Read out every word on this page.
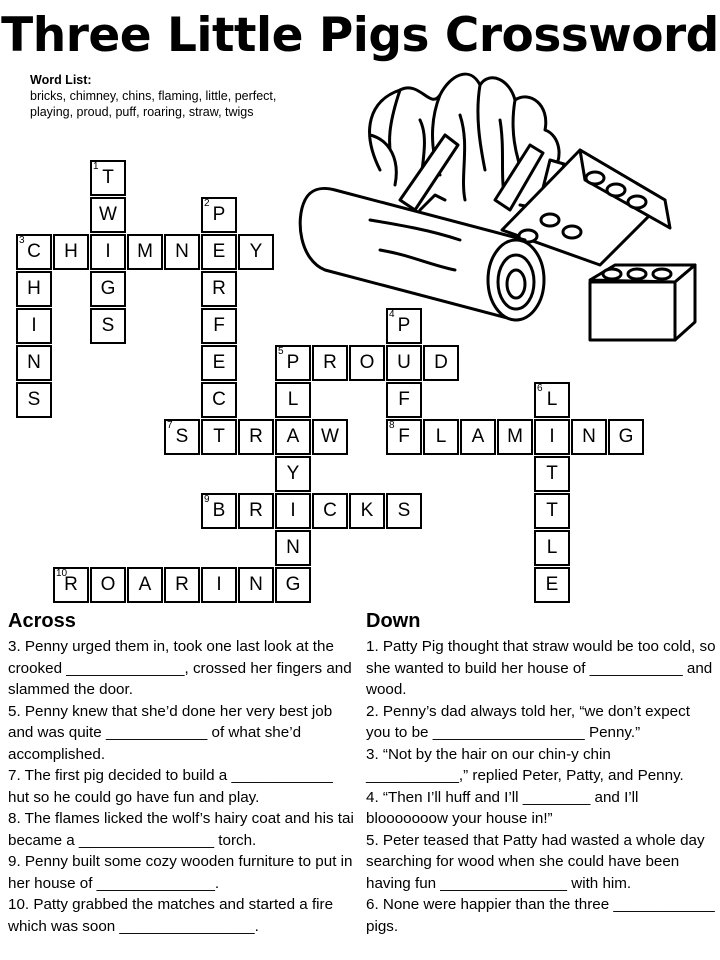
Three Little Pigs Crossword
Word List:
bricks, chimney, chins, flaming, little, perfect, playing, proud, puff, roaring, straw, twigs
1
T
W
2
P
3
C	H	I	M	N	E	Y
H	G	R
I	S	F
4
P
N	E
5
P	R	O	U	D
S	C	L	F
6
L
7
S	T	R	A	W
8
F	L	A	M	I	N	G
Y	T
9
B	R	I	C	K	S	T
N	L
10
R	O	A	R	I	N	G	E
Across

3. Penny urged them in, took one last look at the crooked ______________, crossed her fingers and slammed the door.

5. Penny knew that she’d done her very best job and was quite ____________ of what she’d accomplished.

7. The first pig decided to build a ____________ hut so he could go have fun and play.

8. The flames licked the wolf’s hairy coat and his tai became a ________________ torch.

9. Penny built some cozy wooden furniture to put in her house of ______________.

10. Patty grabbed the matches and started a fire which was soon ________________.

Down

1. Patty Pig thought that straw would be too cold, so she wanted to build her house of ___________ and wood.

2. Penny’s dad always told her, “we don’t expect you to be __________________ Penny.”

3. “Not by the hair on our chin-y chin ___________,” replied Peter, Patty, and Penny.

4. “Then I’ll huff and I’ll ________ and I’ll blooooooow your house in!”

5. Peter teased that Patty had wasted a whole day searching for wood when she could have been having fun _______________ with him.

6. None were happier than the three ____________ pigs.
